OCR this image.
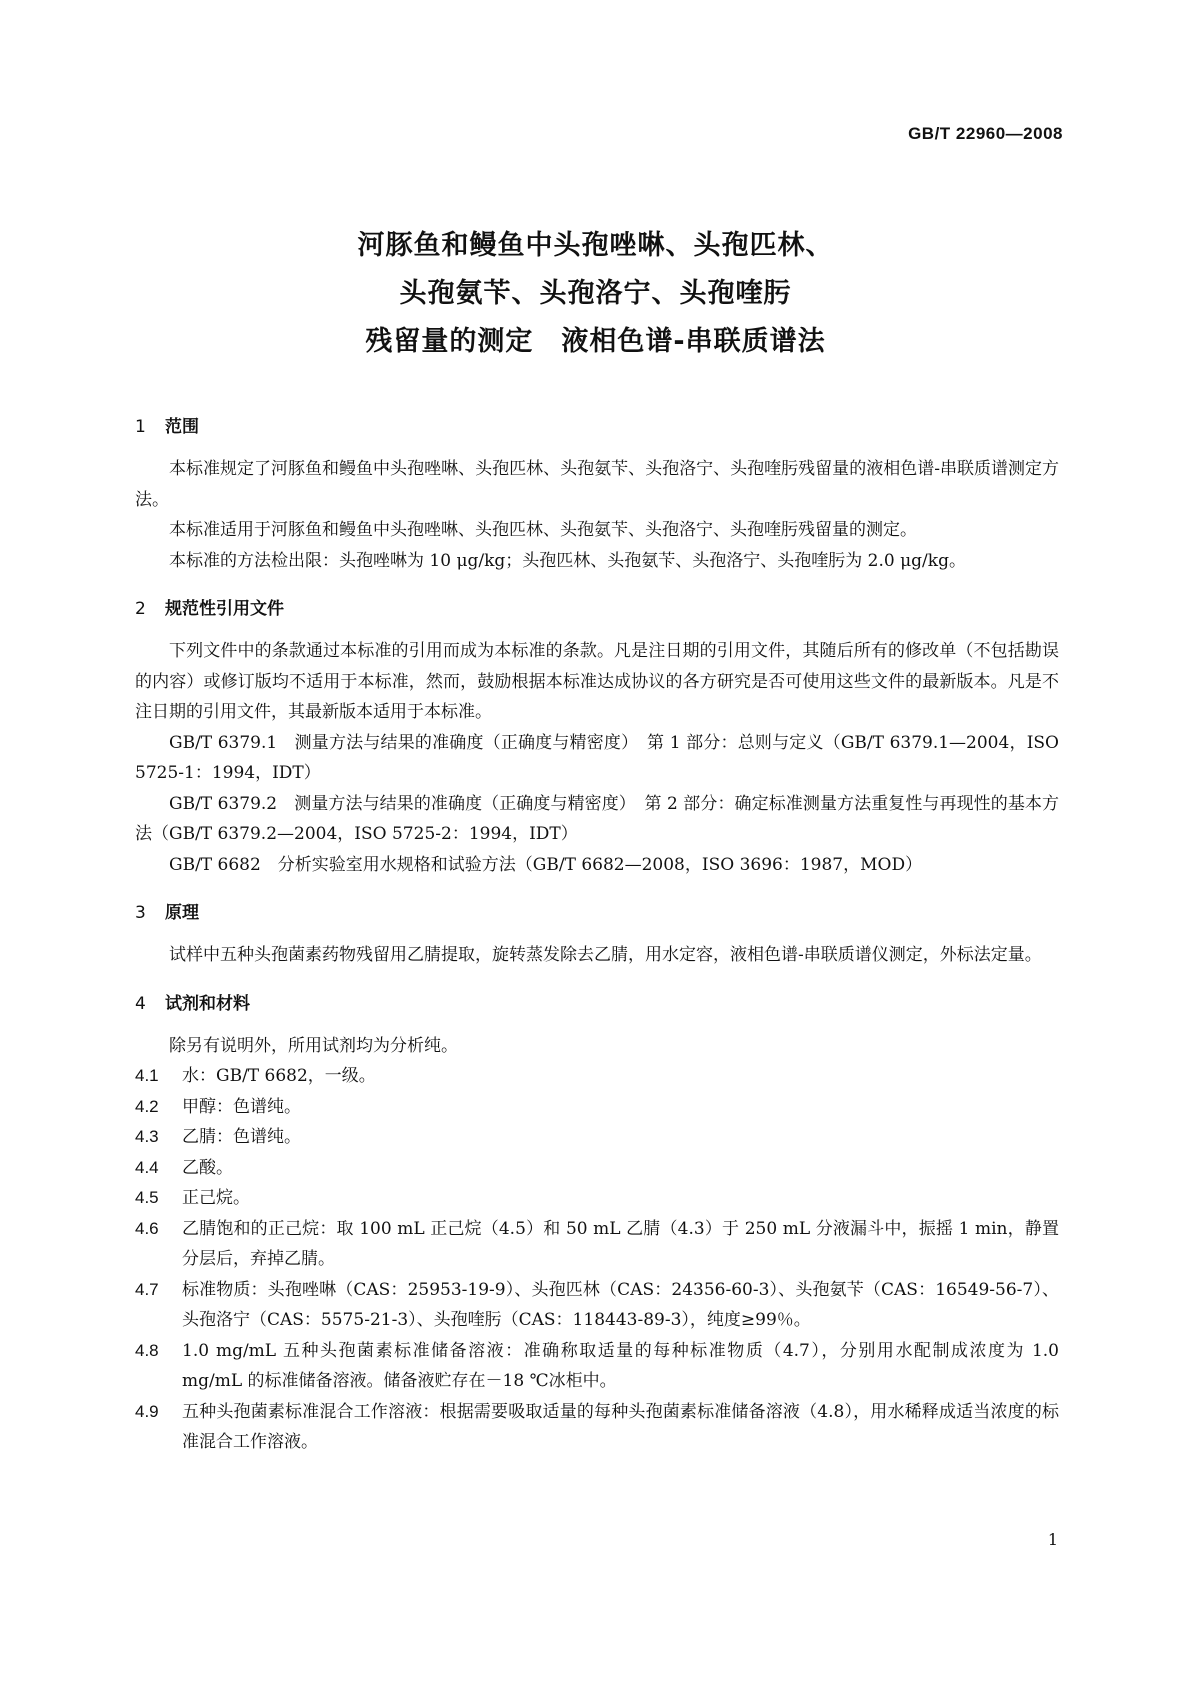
GB/T 22960—2008
河豚鱼和鳗鱼中头孢唑啉、头孢匹林、
头孢氨苄、头孢洛宁、头孢喹肟
残留量的测定　液相色谱-串联质谱法
1 范围

本标准规定了河豚鱼和鳗鱼中头孢唑啉、头孢匹林、头孢氨苄、头孢洛宁、头孢喹肟残留量的液相色谱-串联质谱测定方法。

本标准适用于河豚鱼和鳗鱼中头孢唑啉、头孢匹林、头孢氨苄、头孢洛宁、头孢喹肟残留量的测定。

本标准的方法检出限：头孢唑啉为 10 μg/kg；头孢匹林、头孢氨苄、头孢洛宁、头孢喹肟为 2.0 μg/kg。

2 规范性引用文件

下列文件中的条款通过本标准的引用而成为本标准的条款。凡是注日期的引用文件，其随后所有的修改单（不包括勘误的内容）或修订版均不适用于本标准，然而，鼓励根据本标准达成协议的各方研究是否可使用这些文件的最新版本。凡是不注日期的引用文件，其最新版本适用于本标准。

GB/T 6379.1　测量方法与结果的准确度（正确度与精密度）　第 1 部分：总则与定义（GB/T 6379.1—2004，ISO 5725-1：1994，IDT）

GB/T 6379.2　测量方法与结果的准确度（正确度与精密度）　第 2 部分：确定标准测量方法重复性与再现性的基本方法（GB/T 6379.2—2004，ISO 5725-2：1994，IDT）

GB/T 6682　分析实验室用水规格和试验方法（GB/T 6682—2008，ISO 3696：1987，MOD）

3 原理

试样中五种头孢菌素药物残留用乙腈提取，旋转蒸发除去乙腈，用水定容，液相色谱-串联质谱仪测定，外标法定量。

4 试剂和材料

除另有说明外，所用试剂均为分析纯。

4.1	水：GB/T 6682，一级。
4.2	甲醇：色谱纯。
4.3	乙腈：色谱纯。
4.4	乙酸。
4.5	正己烷。
4.6	乙腈饱和的正己烷：取 100 mL 正己烷（4.5）和 50 mL 乙腈（4.3）于 250 mL 分液漏斗中，振摇 1 min，静置分层后，弃掉乙腈。
4.7	标准物质：头孢唑啉（CAS：25953-19-9）、头孢匹林（CAS：24356-60-3）、头孢氨苄（CAS：16549-56-7）、头孢洛宁（CAS：5575-21-3）、头孢喹肟（CAS：118443-89-3），纯度≥99％。
4.8	1.0 mg/mL 五种头孢菌素标准储备溶液：准确称取适量的每种标准物质（4.7），分别用水配制成浓度为 1.0 mg/mL 的标准储备溶液。储备液贮存在－18 ℃冰柜中。
4.9	五种头孢菌素标准混合工作溶液：根据需要吸取适量的每种头孢菌素标准储备溶液（4.8），用水稀释成适当浓度的标准混合工作溶液。
1
